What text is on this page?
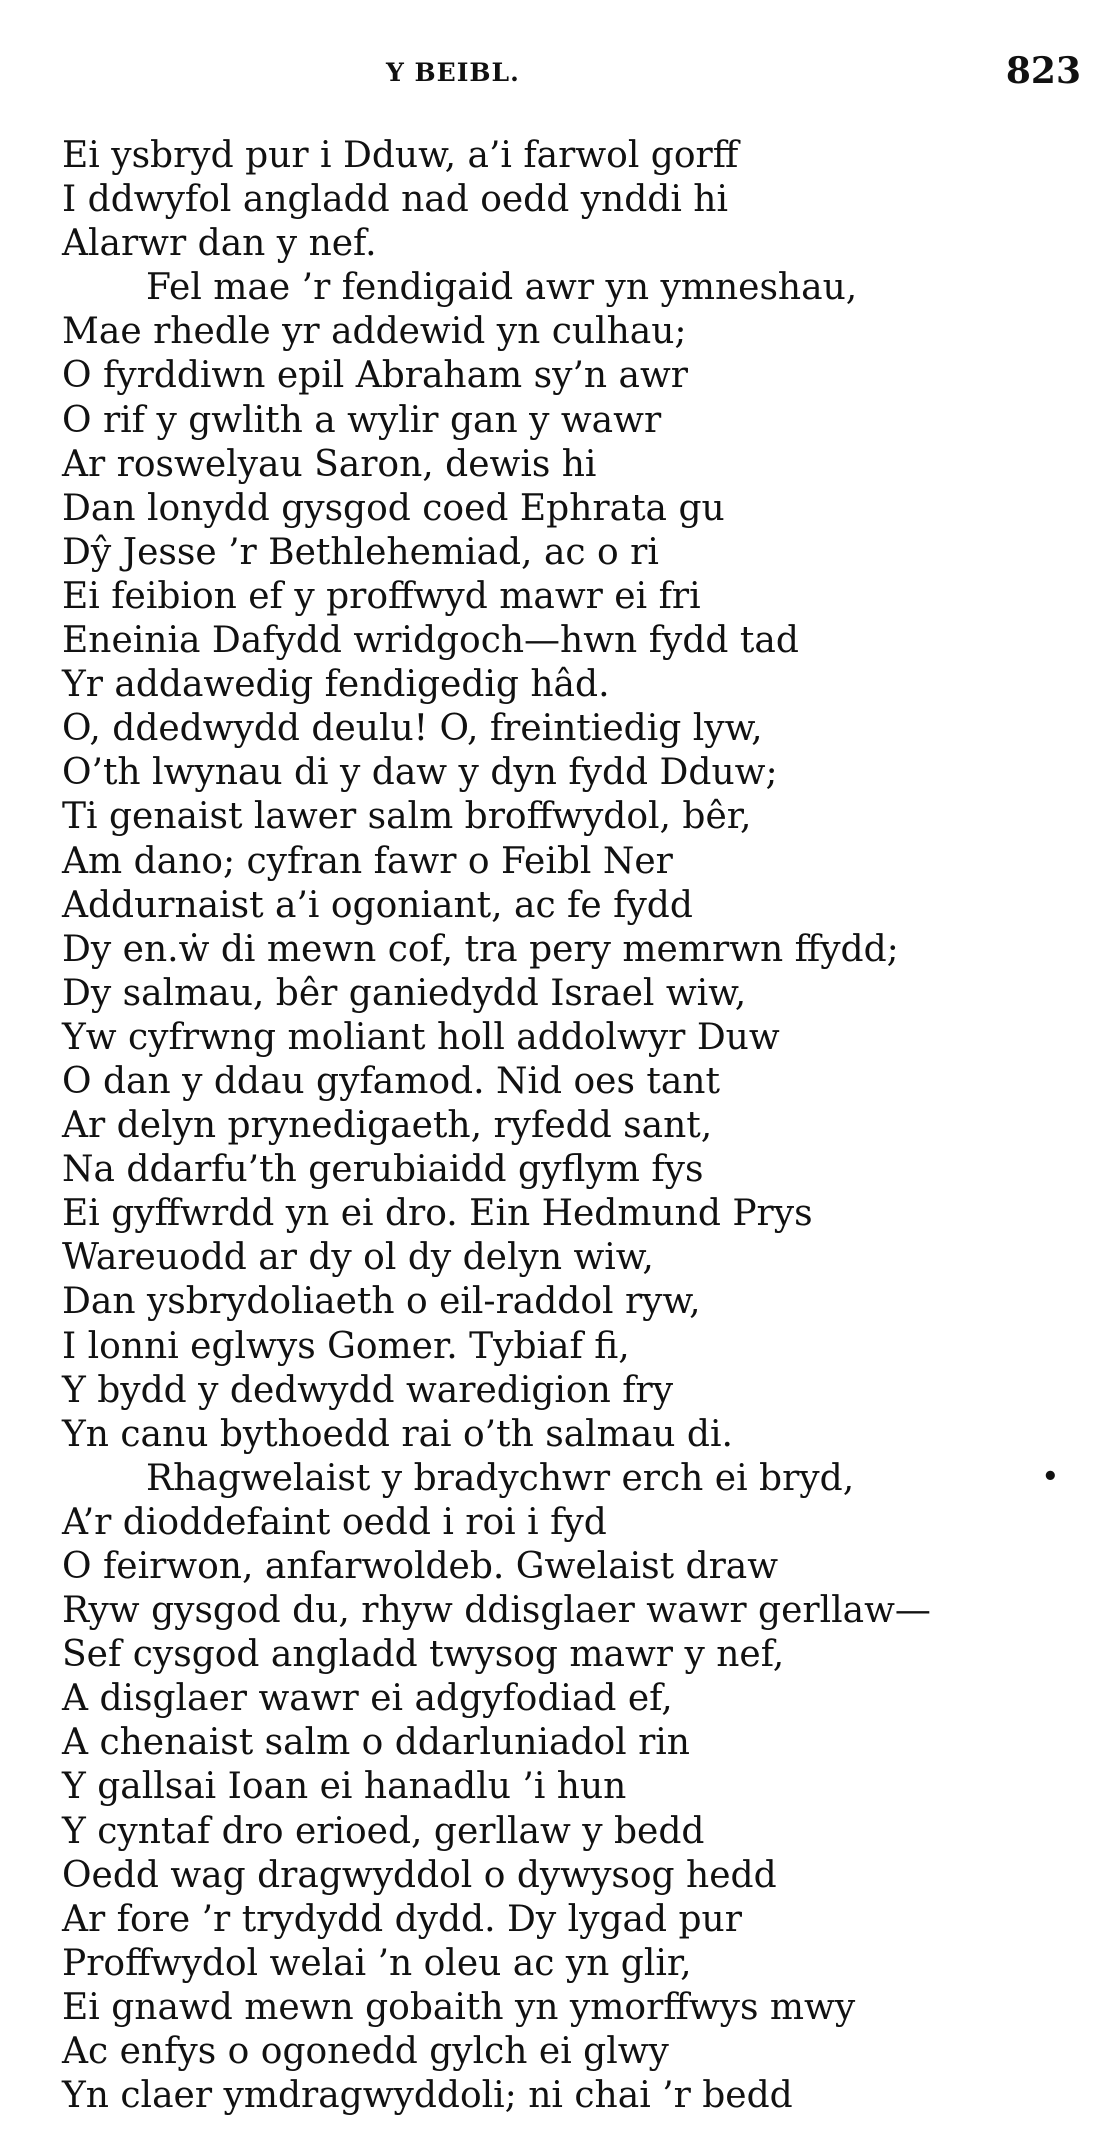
Y BEIBL.	823
Ei ysbryd pur i Dduw, a’i farwol gorff
I ddwyfol angladd nad oedd ynddi hi
Alarwr dan y nef.
Fel mae ’r fendigaid awr yn ymneshau,
Mae rhedle yr addewid yn culhau;
O fyrddiwn epil Abraham sy’n awr
O rif y gwlith a wylir gan y wawr
Ar roswelyau Saron, dewis hi
Dan lonydd gysgod coed Ephrata gu
Dŷ Jesse ’r Bethlehemiad, ac o ri
Ei feibion ef y proffwyd mawr ei fri
Eneinia Dafydd wridgoch—hwn fydd tad
Yr addawedig fendigedig hâd.
O, ddedwydd deulu! O, freintiedig lyw,
O’th lwynau di y daw y dyn fydd Dduw;
Ti genaist lawer salm broffwydol, bêr,
Am dano; cyfran fawr o Feibl Ner
Addurnaist a’i ogoniant, ac fe fydd
Dy en.ẇ di mewn cof, tra pery memrwn ffydd;
Dy salmau, bêr ganiedydd Israel wiw,
Yw cyfrwng moliant holl addolwyr Duw
O dan y ddau gyfamod. Nid oes tant
Ar delyn prynedigaeth, ryfedd sant,
Na ddarfu’th gerubiaidd gyflym fys
Ei gyffwrdd yn ei dro. Ein Hedmund Prys
Wareuodd ar dy ol dy delyn wiw,
Dan ysbrydoliaeth o eil-raddol ryw,
I lonni eglwys Gomer. Tybiaf fi,
Y bydd y dedwydd waredigion fry
Yn canu bythoedd rai o’th salmau di.
Rhagwelaist y bradychwr erch ei bryd,
A’r dioddefaint oedd i roi i fyd
O feirwon, anfarwoldeb. Gwelaist draw
Ryw gysgod du, rhyw ddisglaer wawr gerllaw—
Sef cysgod angladd twysog mawr y nef,
A disglaer wawr ei adgyfodiad ef,
A chenaist salm o ddarluniadol rin
Y gallsai Ioan ei hanadlu ’i hun
Y cyntaf dro erioed, gerllaw y bedd
Oedd wag dragwyddol o dywysog hedd
Ar fore ’r trydydd dydd. Dy lygad pur
Proffwydol welai ’n oleu ac yn glir,
Ei gnawd mewn gobaith yn ymorffwys mwy
Ac enfys o ogonedd gylch ei glwy
Yn claer ymdragwyddoli; ni chai ’r bedd
•
